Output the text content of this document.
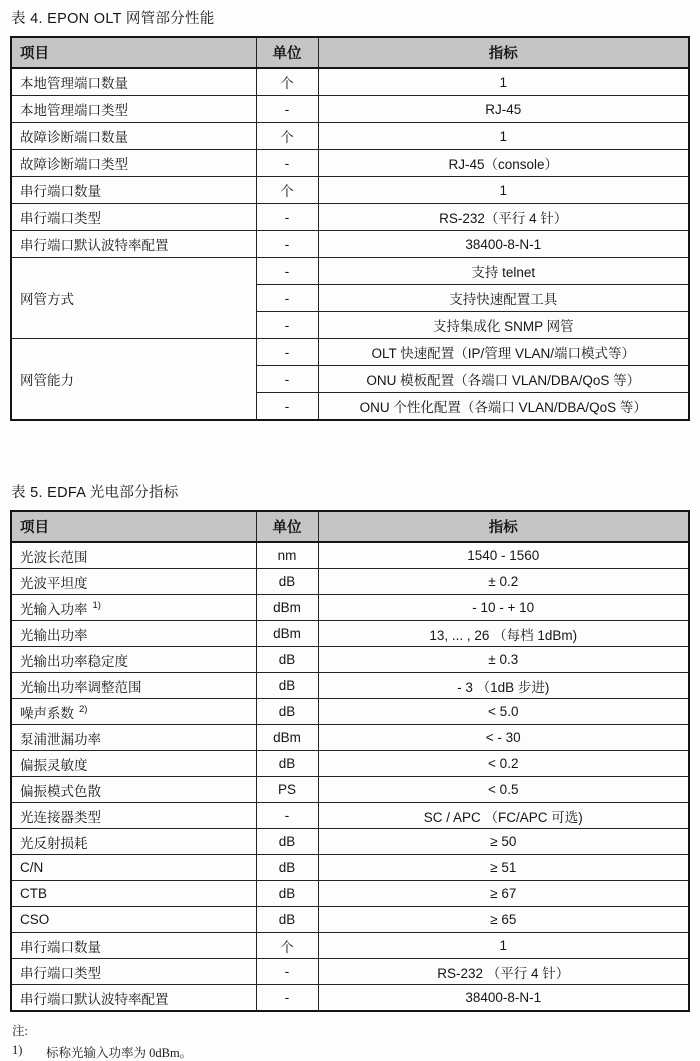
表 4. EPON OLT 网管部分性能
项目	单位	指标
本地管理端口数量	个	1
本地管理端口类型	-	RJ-45
故障诊断端口数量	个	1
故障诊断端口类型	-	RJ-45（console）
串行端口数量	个	1
串行端口类型	-	RS-232（平行 4 针）
串行端口默认波特率配置	-	38400-8-N-1
网管方式	-	支持 telnet
	-	支持快速配置工具
	-	支持集成化 SNMP 网管
网管能力	-	OLT 快速配置（IP/管理 VLAN/端口模式等）
	-	ONU 模板配置（各端口 VLAN/DBA/QoS 等）
	-	ONU 个性化配置（各端口 VLAN/DBA/QoS 等）
表 5. EDFA 光电部分指标
项目	单位	指标
光波长范围	nm	1540 - 1560
光波平坦度	dB	± 0.2
光输入功率 $^{1)}$	dBm	- 10 - + 10
光输出功率	dBm	13, ... , 26 （每档 1dBm)
光输出功率稳定度	dB	± 0.3
光输出功率调整范围	dB	- 3 （1dB 步进)
噪声系数 $^{2)}$	dB	< 5.0
泵浦泄漏功率	dBm	< - 30
偏振灵敏度	dB	< 0.2
偏振模式色散	PS	< 0.5
光连接器类型	-	SC / APC （FC/APC 可选)
光反射损耗	dB	≥ 50
C/N	dB	≥ 51
CTB	dB	≥ 67
CSO	dB	≥ 65
串行端口数量	个	1
串行端口类型	-	RS-232 （平行 4 针）
串行端口默认波特率配置	-	38400-8-N-1
注:
1)	标称光输入功率为 0dBm。
